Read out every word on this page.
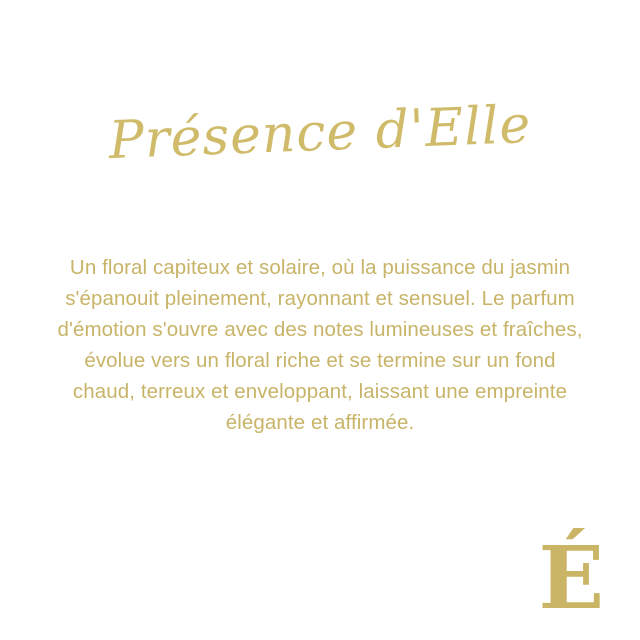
Présence d'Elle
Un floral capiteux et solaire, où la puissance du jasmin s'épanouit pleinement, rayonnant et sensuel. Le parfum d'émotion s'ouvre avec des notes lumineuses et fraîches, évolue vers un floral riche et se termine sur un fond chaud, terreux et enveloppant, laissant une empreinte élégante et affirmée.
É
